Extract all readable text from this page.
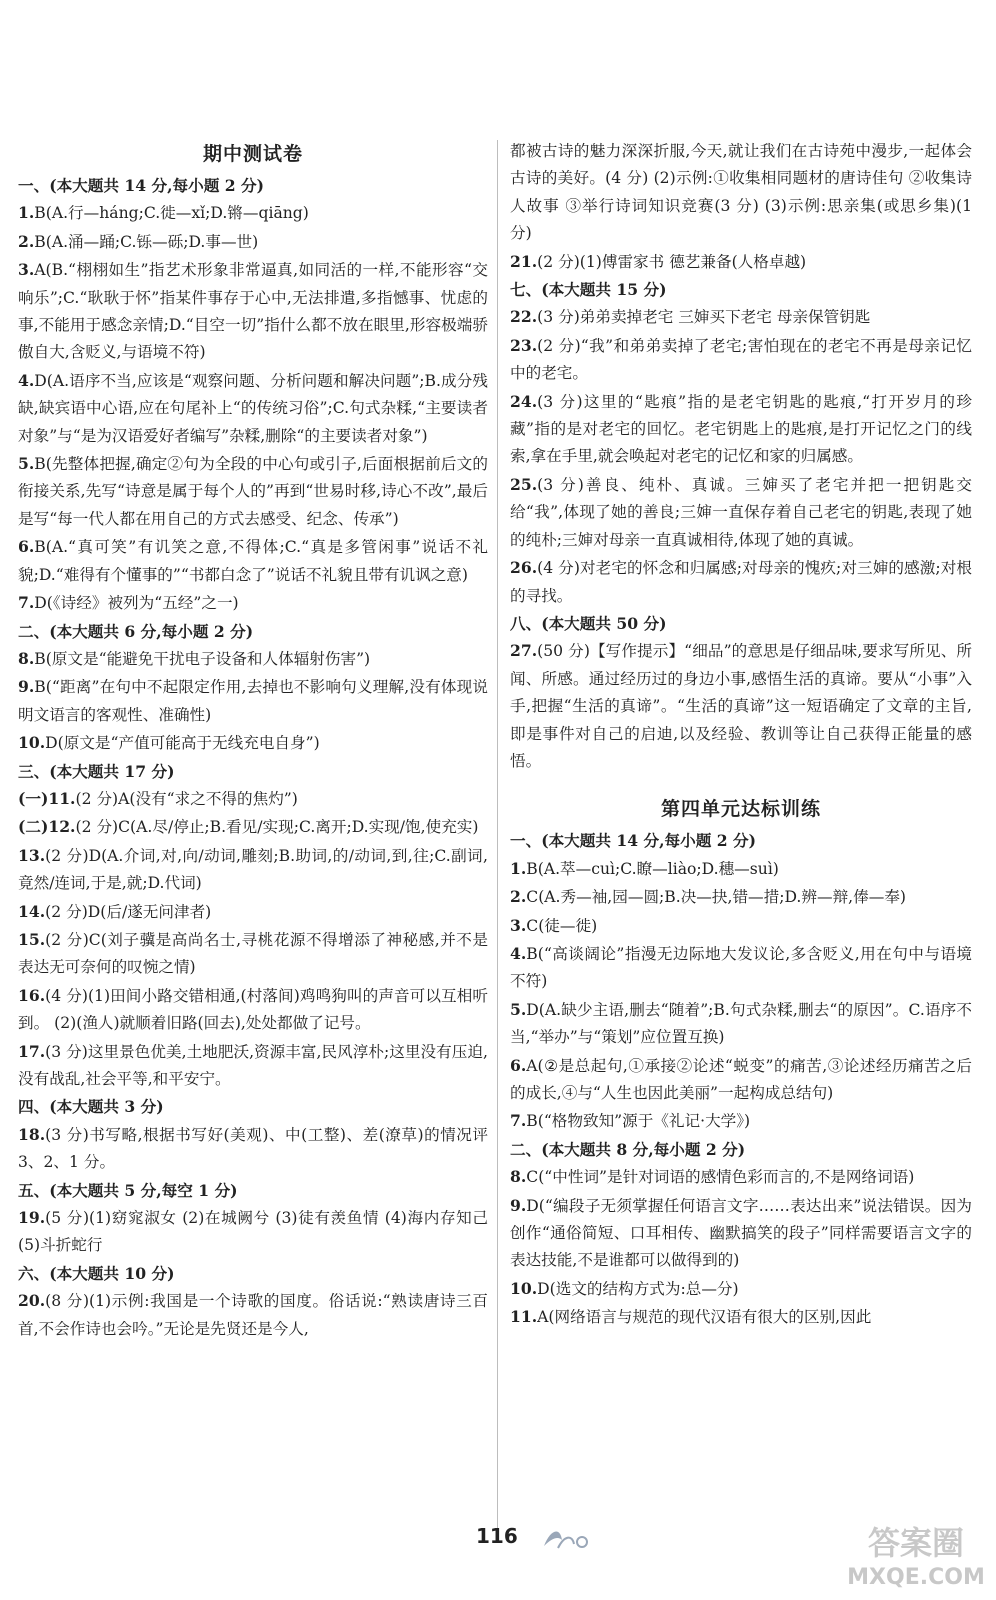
期中测试卷

一、(本大题共 14 分,每小题 2 分)

1.B(A.行—háng;C.徙—xǐ;D.锵—qiāng)

2.B(A.涌—踊;C.铄—砾;D.事—世)

3.A(B.“栩栩如生”指艺术形象非常逼真,如同活的一样,不能形容“交响乐”;C.“耿耿于怀”指某件事存于心中,无法排遣,多指憾事、忧虑的事,不能用于感念亲情;D.“目空一切”指什么都不放在眼里,形容极端骄傲自大,含贬义,与语境不符)

4.D(A.语序不当,应该是“观察问题、分析问题和解决问题”;B.成分残缺,缺宾语中心语,应在句尾补上“的传统习俗”;C.句式杂糅,“主要读者对象”与“是为汉语爱好者编写”杂糅,删除“的主要读者对象”)

5.B(先整体把握,确定②句为全段的中心句或引子,后面根据前后文的衔接关系,先写“诗意是属于每个人的”再到“世易时移,诗心不改”,最后是写“每一代人都在用自己的方式去感受、纪念、传承”)

6.B(A.“真可笑”有讥笑之意,不得体;C.“真是多管闲事”说话不礼貌;D.“难得有个懂事的”“书都白念了”说话不礼貌且带有讥讽之意)

7.D(《诗经》被列为“五经”之一)

二、(本大题共 6 分,每小题 2 分)

8.B(原文是“能避免干扰电子设备和人体辐射伤害”)

9.B(“距离”在句中不起限定作用,去掉也不影响句义理解,没有体现说明文语言的客观性、准确性)

10.D(原文是“产值可能高于无线充电自身”)

三、(本大题共 17 分)

(一)11.(2 分)A(没有“求之不得的焦灼”)

(二)12.(2 分)C(A.尽/停止;B.看见/实现;C.离开;D.实现/饱,使充实)

13.(2 分)D(A.介词,对,向/动词,雕刻;B.助词,的/动词,到,往;C.副词,竟然/连词,于是,就;D.代词)

14.(2 分)D(后/遂无问津者)

15.(2 分)C(刘子骥是高尚名士,寻桃花源不得增添了神秘感,并不是表达无可奈何的叹惋之情)

16.(4 分)(1)田间小路交错相通,(村落间)鸡鸣狗叫的声音可以互相听到。 (2)(渔人)就顺着旧路(回去),处处都做了记号。

17.(3 分)这里景色优美,土地肥沃,资源丰富,民风淳朴;这里没有压迫,没有战乱,社会平等,和平安宁。

四、(本大题共 3 分)

18.(3 分)书写略,根据书写好(美观)、中(工整)、差(潦草)的情况评 3、2、1 分。

五、(本大题共 5 分,每空 1 分)

19.(5 分)(1)窈窕淑女 (2)在城阙兮 (3)徒有羡鱼情 (4)海内存知己 (5)斗折蛇行

六、(本大题共 10 分)

20.(8 分)(1)示例:我国是一个诗歌的国度。俗话说:“熟读唐诗三百首,不会作诗也会吟。”无论是先贤还是今人,

都被古诗的魅力深深折服,今天,就让我们在古诗苑中漫步,一起体会古诗的美好。(4 分) (2)示例:①收集相同题材的唐诗佳句 ②收集诗人故事 ③举行诗词知识竞赛(3 分) (3)示例:思亲集(或思乡集)(1 分)

21.(2 分)(1)傅雷家书 德艺兼备(人格卓越)

七、(本大题共 15 分)

22.(3 分)弟弟卖掉老宅 三婶买下老宅 母亲保管钥匙

23.(2 分)“我”和弟弟卖掉了老宅;害怕现在的老宅不再是母亲记忆中的老宅。

24.(3 分)这里的“匙痕”指的是老宅钥匙的匙痕,“打开岁月的珍藏”指的是对老宅的回忆。老宅钥匙上的匙痕,是打开记忆之门的线索,拿在手里,就会唤起对老宅的记忆和家的归属感。

25.(3 分)善良、纯朴、真诚。三婶买了老宅并把一把钥匙交给“我”,体现了她的善良;三婶一直保存着自己老宅的钥匙,表现了她的纯朴;三婶对母亲一直真诚相待,体现了她的真诚。

26.(4 分)对老宅的怀念和归属感;对母亲的愧疚;对三婶的感激;对根的寻找。

八、(本大题共 50 分)

27.(50 分)【写作提示】“细品”的意思是仔细品味,要求写所见、所闻、所感。通过经历过的身边小事,感悟生活的真谛。要从“小事”入手,把握“生活的真谛”。“生活的真谛”这一短语确定了文章的主旨,即是事件对自己的启迪,以及经验、教训等让自己获得正能量的感悟。

第四单元达标训练

一、(本大题共 14 分,每小题 2 分)

1.B(A.萃—cuì;C.瞭—liào;D.穗—suì)

2.C(A.秀—袖,园—圆;B.决—抉,错—措;D.辨—辩,俸—奉)

3.C(徒—徙)

4.B(“高谈阔论”指漫无边际地大发议论,多含贬义,用在句中与语境不符)

5.D(A.缺少主语,删去“随着”;B.句式杂糅,删去“的原因”。C.语序不当,“举办”与“策划”应位置互换)

6.A(②是总起句,①承接②论述“蜕变”的痛苦,③论述经历痛苦之后的成长,④与“人生也因此美丽”一起构成总结句)

7.B(“格物致知”源于《礼记·大学》)

二、(本大题共 8 分,每小题 2 分)

8.C(“中性词”是针对词语的感情色彩而言的,不是网络词语)

9.D(“编段子无须掌握任何语言文字……表达出来”说法错误。因为创作“通俗简短、口耳相传、幽默搞笑的段子”同样需要语言文字的表达技能,不是谁都可以做得到的)

10.D(选文的结构方式为:总—分)

11.A(网络语言与规范的现代汉语有很大的区别,因此

116	答案圈
MXQE.COM
